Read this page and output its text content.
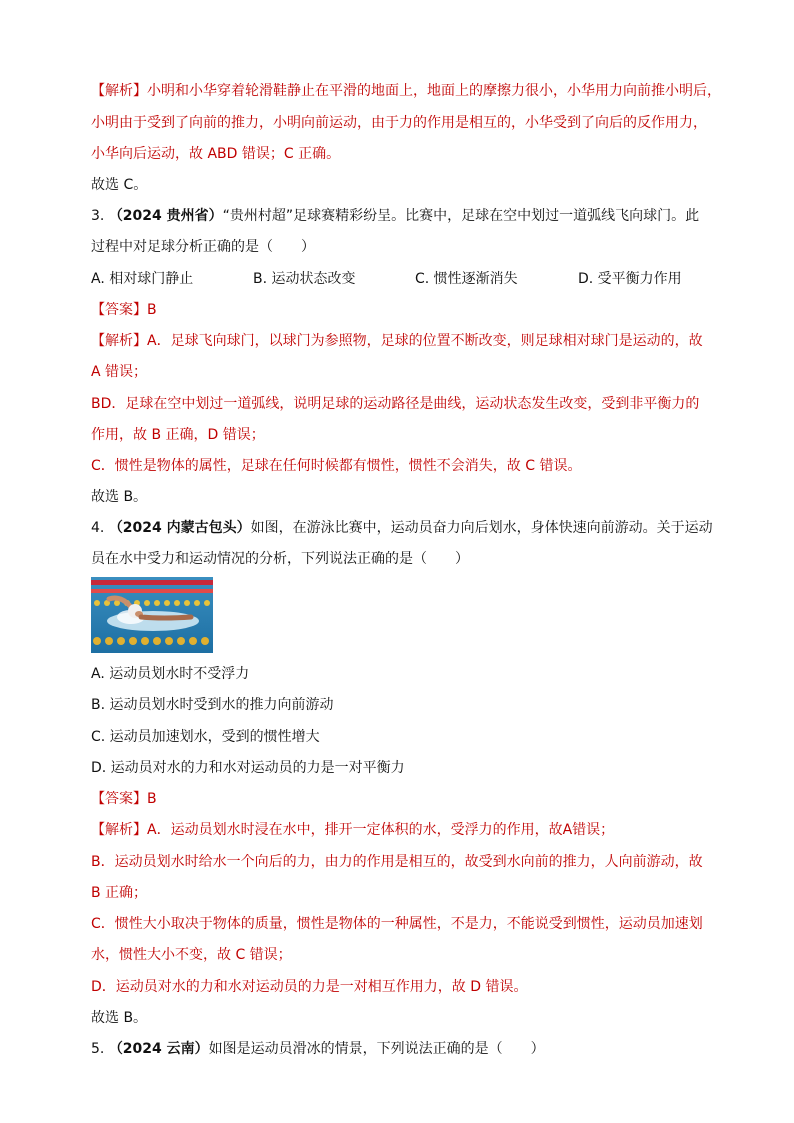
【解析】小明和小华穿着轮滑鞋静止在平滑的地面上，地面上的摩擦力很小，小华用力向前推小明后，
小明由于受到了向前的推力，小明向前运动，由于力的作用是相互的，小华受到了向后的反作用力，
小华向后运动，故 ABD 错误；C 正确。
故选 C。
3. （2024 贵州省）“贵州村超”足球赛精彩纷呈。比赛中，足球在空中划过一道弧线飞向球门。此
过程中对足球分析正确的是（　　）
A. 相对球门静止	B. 运动状态改变	C. 惯性逐渐消失	D. 受平衡力作用
【答案】B
【解析】A．足球飞向球门，以球门为参照物，足球的位置不断改变，则足球相对球门是运动的，故
A 错误；
BD．足球在空中划过一道弧线，说明足球的运动路径是曲线，运动状态发生改变，受到非平衡力的
作用，故 B 正确，D 错误；
C．惯性是物体的属性，足球在任何时候都有惯性，惯性不会消失，故 C 错误。
故选 B。
4. （2024 内蒙古包头）如图，在游泳比赛中，运动员奋力向后划水，身体快速向前游动。关于运动
员在水中受力和运动情况的分析，下列说法正确的是（　　）
A. 运动员划水时不受浮力
B. 运动员划水时受到水的推力向前游动
C. 运动员加速划水，受到的惯性增大
D. 运动员对水的力和水对运动员的力是一对平衡力
【答案】B
【解析】A．运动员划水时浸在水中，排开一定体积的水，受浮力的作用，故A错误；
B．运动员划水时给水一个向后的力，由力的作用是相互的，故受到水向前的推力，人向前游动，故
B 正确；
C．惯性大小取决于物体的质量，惯性是物体的一种属性，不是力，不能说受到惯性，运动员加速划
水，惯性大小不变，故 C 错误；
D．运动员对水的力和水对运动员的力是一对相互作用力，故 D 错误。
故选 B。
5. （2024 云南）如图是运动员滑冰的情景，下列说法正确的是（　　）
